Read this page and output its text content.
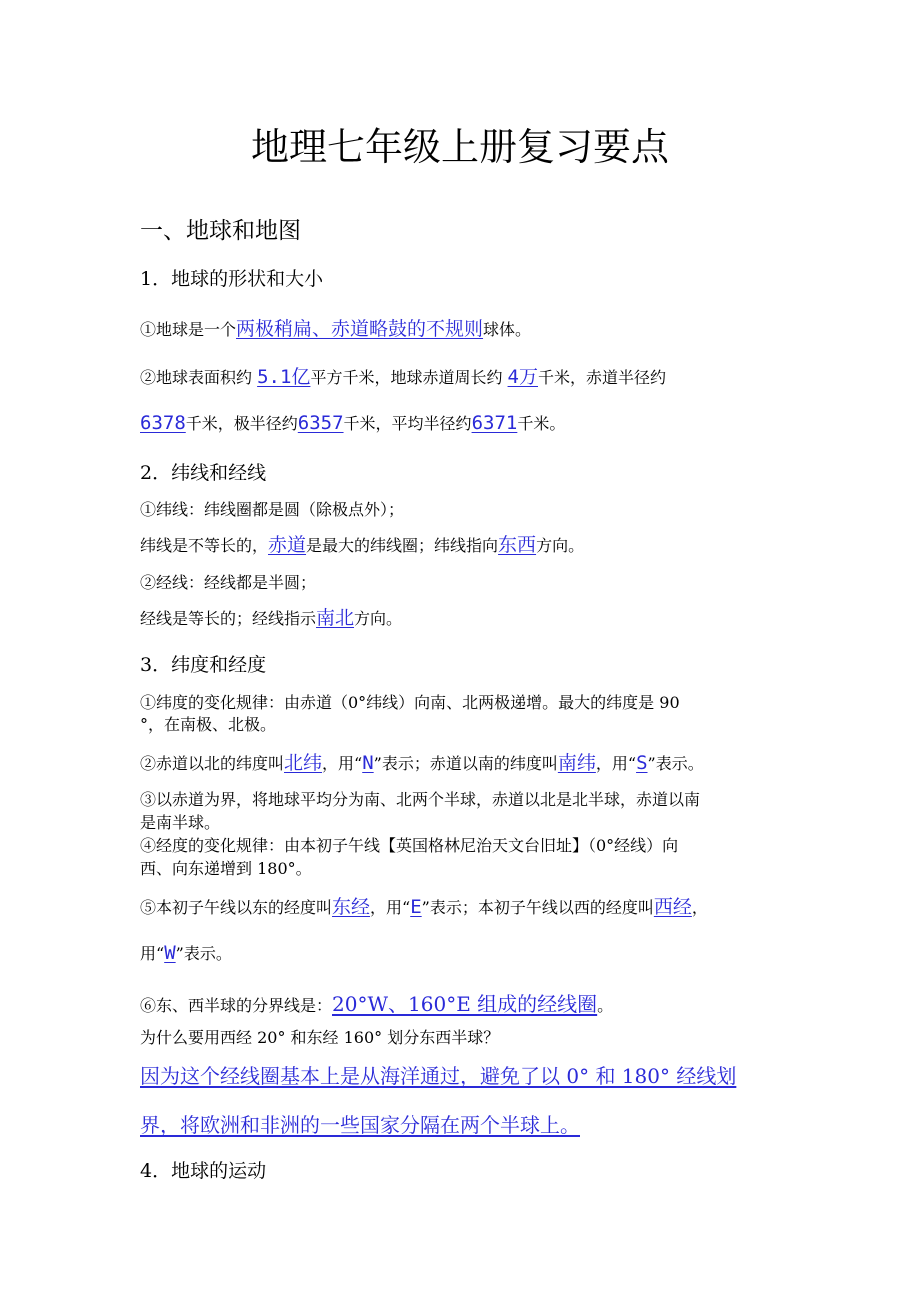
地理七年级上册复习要点
一、地球和地图
1．地球的形状和大小
①地球是一个两极稍扁、赤道略鼓的不规则球体。
②地球表面积约 5.1亿平方千米，地球赤道周长约 4万千米，赤道半径约
6378千米，极半径约6357千米，平均半径约6371千米。
2．纬线和经线
①纬线：纬线圈都是圆（除极点外）；
纬线是不等长的，赤道是最大的纬线圈；纬线指向东西方向。
②经线：经线都是半圆；
经线是等长的；经线指示南北方向。
3．纬度和经度
①纬度的变化规律：由赤道（0°纬线）向南、北两极递增。最大的纬度是 90
°，在南极、北极。
②赤道以北的纬度叫北纬，用“N”表示；赤道以南的纬度叫南纬，用“S”表示。
③以赤道为界，将地球平均分为南、北两个半球，赤道以北是北半球，赤道以南
是南半球。
④经度的变化规律：由本初子午线【英国格林尼治天文台旧址】（0°经线）向
西、向东递增到 180°。
⑤本初子午线以东的经度叫东经，用“E”表示；本初子午线以西的经度叫西经，
用“W”表示。
⑥东、西半球的分界线是：20°W、160°E 组成的经线圈。
为什么要用西经 20° 和东经 160° 划分东西半球？
因为这个经线圈基本上是从海洋通过，避免了以 0° 和 180° 经线划
界，将欧洲和非洲的一些国家分隔在两个半球上。
4．地球的运动
